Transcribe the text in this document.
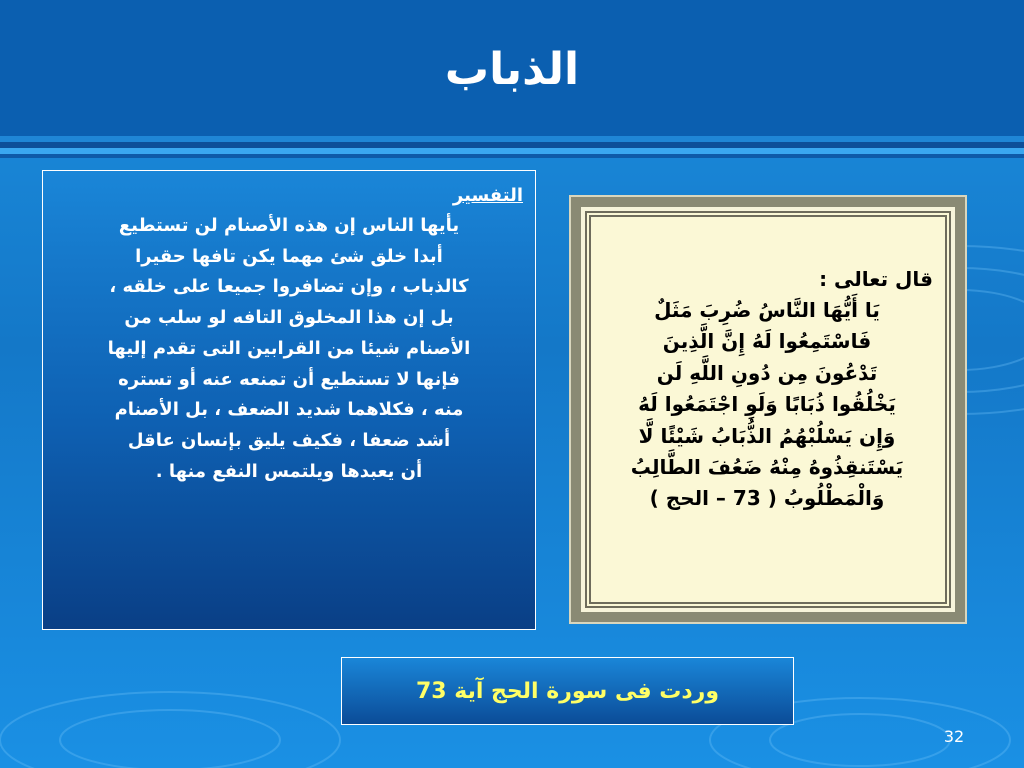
الذباب
التفسير
يأيها الناس إن هذه الأصنام لن تستطيع
أبدا خلق شئ مهما يكن تافها حقيرا
كالذباب ، وإن تضافروا جميعا على خلقه ،
بل إن هذا المخلوق التافه لو سلب من
الأصنام شيئا من القرابين التى تقدم إليها
فإنها لا تستطيع أن تمنعه عنه أو تستره
منه ، فكلاهما شديد الضعف ، بل الأصنام
أشد ضعفا ، فكيف يليق بإنسان عاقل
أن يعبدها ويلتمس النفع منها .
قال تعالى :
يَا أَيُّهَا النَّاسُ ضُرِبَ مَثَلٌ
فَاسْتَمِعُوا لَهُ إِنَّ الَّذِينَ
تَدْعُونَ مِن دُونِ اللَّهِ لَن
يَخْلُقُوا ذُبَابًا وَلَوِ اجْتَمَعُوا لَهُ
وَإِن يَسْلُبْهُمُ الذُّبَابُ شَيْئًا لَّا
يَسْتَنقِذُوهُ مِنْهُ ضَعُفَ الطَّالِبُ
وَالْمَطْلُوبُ ( 73 – الحج )
وردت فى سورة الحج آية 73
32
